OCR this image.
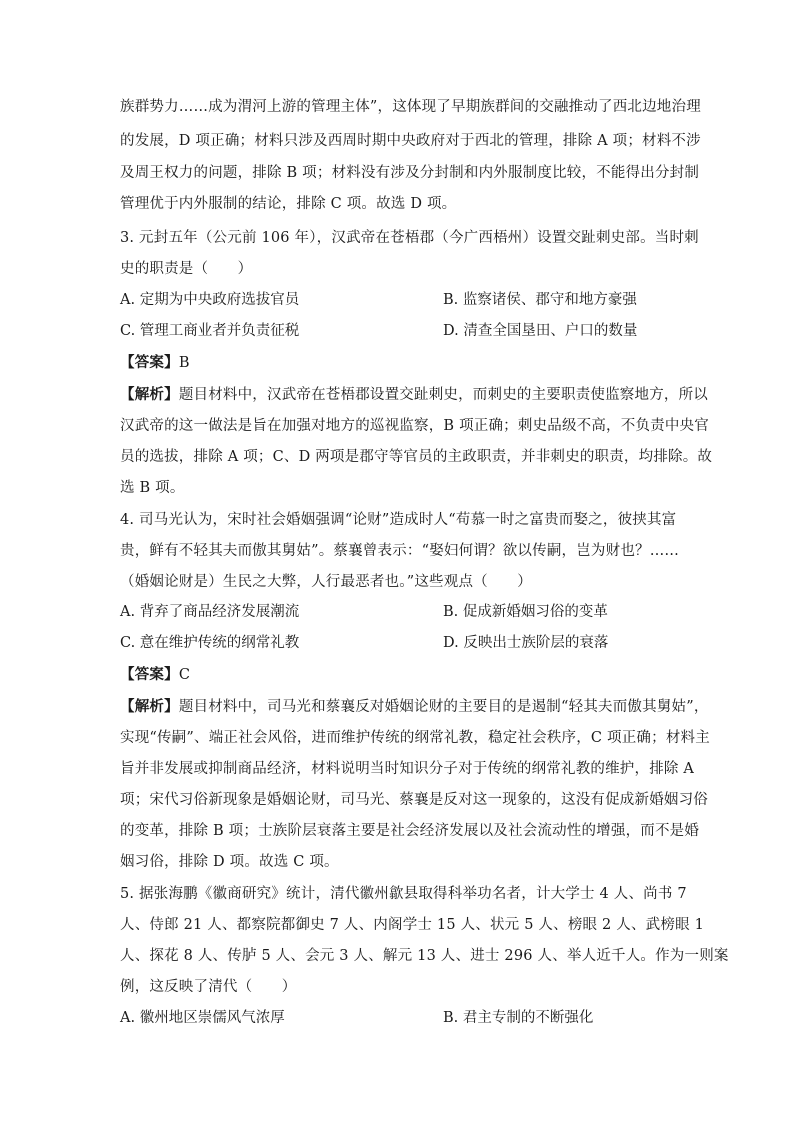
族群势力……成为渭河上游的管理主体”，这体现了早期族群间的交融推动了西北边地治理
的发展，D 项正确；材料只涉及西周时期中央政府对于西北的管理，排除 A 项；材料不涉
及周王权力的问题，排除 B 项；材料没有涉及分封制和内外服制度比较，不能得出分封制
管理优于内外服制的结论，排除 C 项。故选 D 项。
3. 元封五年（公元前 106 年），汉武帝在苍梧郡（今广西梧州）设置交趾刺史部。当时刺
史的职责是（　　）
A. 定期为中央政府选拔官员	B. 监察诸侯、郡守和地方豪强
C. 管理工商业者并负责征税	D. 清查全国垦田、户口的数量
【答案】B
【解析】题目材料中，汉武帝在苍梧郡设置交趾刺史，而刺史的主要职责使监察地方，所以
汉武帝的这一做法是旨在加强对地方的巡视监察，B 项正确；刺史品级不高，不负责中央官
员的选拔，排除 A 项；C、D 两项是郡守等官员的主政职责，并非刺史的职责，均排除。故
选 B 项。
4. 司马光认为，宋时社会婚姻强调“论财”造成时人“苟慕一时之富贵而娶之，彼挟其富
贵，鲜有不轻其夫而傲其舅姑”。蔡襄曾表示：“娶妇何谓？欲以传嗣，岂为财也？……
（婚姻论财是）生民之大弊，人行最恶者也。”这些观点（　　）
A. 背弃了商品经济发展潮流	B. 促成新婚姻习俗的变革
C. 意在维护传统的纲常礼教	D. 反映出士族阶层的衰落
【答案】C
【解析】题目材料中，司马光和蔡襄反对婚姻论财的主要目的是遏制“轻其夫而傲其舅姑”，
实现“传嗣”、端正社会风俗，进而维护传统的纲常礼教，稳定社会秩序，C 项正确；材料主
旨并非发展或抑制商品经济，材料说明当时知识分子对于传统的纲常礼教的维护，排除 A
项；宋代习俗新现象是婚姻论财，司马光、蔡襄是反对这一现象的，这没有促成新婚姻习俗
的变革，排除 B 项；士族阶层衰落主要是社会经济发展以及社会流动性的增强，而不是婚
姻习俗，排除 D 项。故选 C 项。
5. 据张海鹏《徽商研究》统计，清代徽州歙县取得科举功名者，计大学士 4 人、尚书 7
人、侍郎 21 人、都察院都御史 7 人、内阁学士 15 人、状元 5 人、榜眼 2 人、武榜眼 1
人、探花 8 人、传胪 5 人、会元 3 人、解元 13 人、进士 296 人、举人近千人。作为一则案
例，这反映了清代（　　）
A. 徽州地区崇儒风气浓厚	B. 君主专制的不断强化
